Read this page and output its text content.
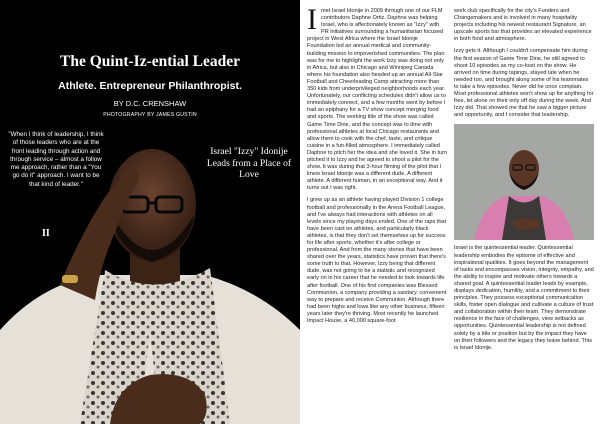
The Quint-Iz-ential Leader
Athlete. Entrepreneur Philanthropist.
BY D.C. CRENSHAW
PHOTOGRAPHY BY JAMES GUSTIN
"When I think of leadership, I think of those leaders who are at the front leading through action and through service – almost a follow me approach, rather than a "You go do it" approach. I want to be that kind of leader."
II
Israel "Izzy" Idonije Leads from a Place of Love

Imet Israel Idonije in 2009 through one of our FLM contributors Daphne Ortiz. Daphne was helping Israel, who is affectionately known as "Izzy" with PR initiatives surrounding a humanitarian focused project in West Africa where the Israel Idonije Foundation led an annual medical and community-building mission to impoverished communities. The plan was for me to highlight the work Izzy was doing not only in Africa, but also in Chicago and Winnipeg Canada where his foundation also headed up an annual All-Star Football and Cheerleading Camp attracting more than 350 kids from underprivileged neighborhoods each year. Unfortunately, our conflicting schedules didn't allow us to immediately connect, and a few months went by before I had an epiphany for a TV show concept merging food and sports. The working title of the show was called Game Time Dine, and the concept was to dine with professional athletes at local Chicago restaurants and allow them to cook with the chef, taste, and critique cuisine in a fun-filled atmosphere. I immediately called Daphne to pitch her the idea and she loved it. She in turn pitched it to Izzy and he agreed to shoot a pilot for the show. It was during that 3-hour filming of the pilot that I knew Israel Idonije was a different dude. A different athlete. A different human, in an exceptional way. And it turns out I was right.

I grew up as an athlete having played Division 1 college football and professionally in the Arena Football League, and I've always had interactions with athletes on all levels since my playing days ended. One of the raps that have been cast on athletes, and particularly black athletes, is that they don't set themselves up for success for life after sports, whether it's after college or professional. And from the many stories that have been shared over the years, statistics have proven that there's some truth to that. However, Izzy being that different dude, was not going to be a statistic and recognized early on in his career that he needed to look towards life after football. One of his first companies was Blessed Communion, a company providing a sanitary, convenient way to prepare and receive Communion. Although there had been highs and lows like any other business, fifteen years later they're thriving. Most recently he launched Impact House, a 40,000 square-foot

work club specifically for the city's Funders and Changemakers and is involved in many hospitality projects including his newest restaurant Signature, an upscale sports bar that provides an elevated experience in both food and atmosphere.

Izzy gets it. Although I couldn't compensate him during the first season of Game Time Dine, he still agreed to shoot 10 episodes as my co-host on the show. He arrived on time during tapings, stayed late when he needed too, and brought along some of his teammates to take a few episodes. Never did he once complain. Most professional athletes won't show up for anything for free, let alone on their only off day during the week. And Izzy did. That showed me that he saw a bigger picture and opportunity, and I consider that leadership.

Israel is the quintessential leader. Quintessential leadership embodies the epitome of effective and inspirational qualities. It goes beyond the management of tasks and encompasses vision, integrity, empathy, and the ability to inspire and motivate others towards a shared goal. A quintessential leader leads by example, displays dedication, humility, and a commitment to their principles. They possess exceptional communication skills, foster open dialogue and cultivate a culture of trust and collaboration within their team. They demonstrate resilience in the face of challenges, view setbacks as opportunities. Quintessential leadership is not defined solely by a title or position but by the impact they have on their followers and the legacy they leave behind. This is Israel Idonije.
